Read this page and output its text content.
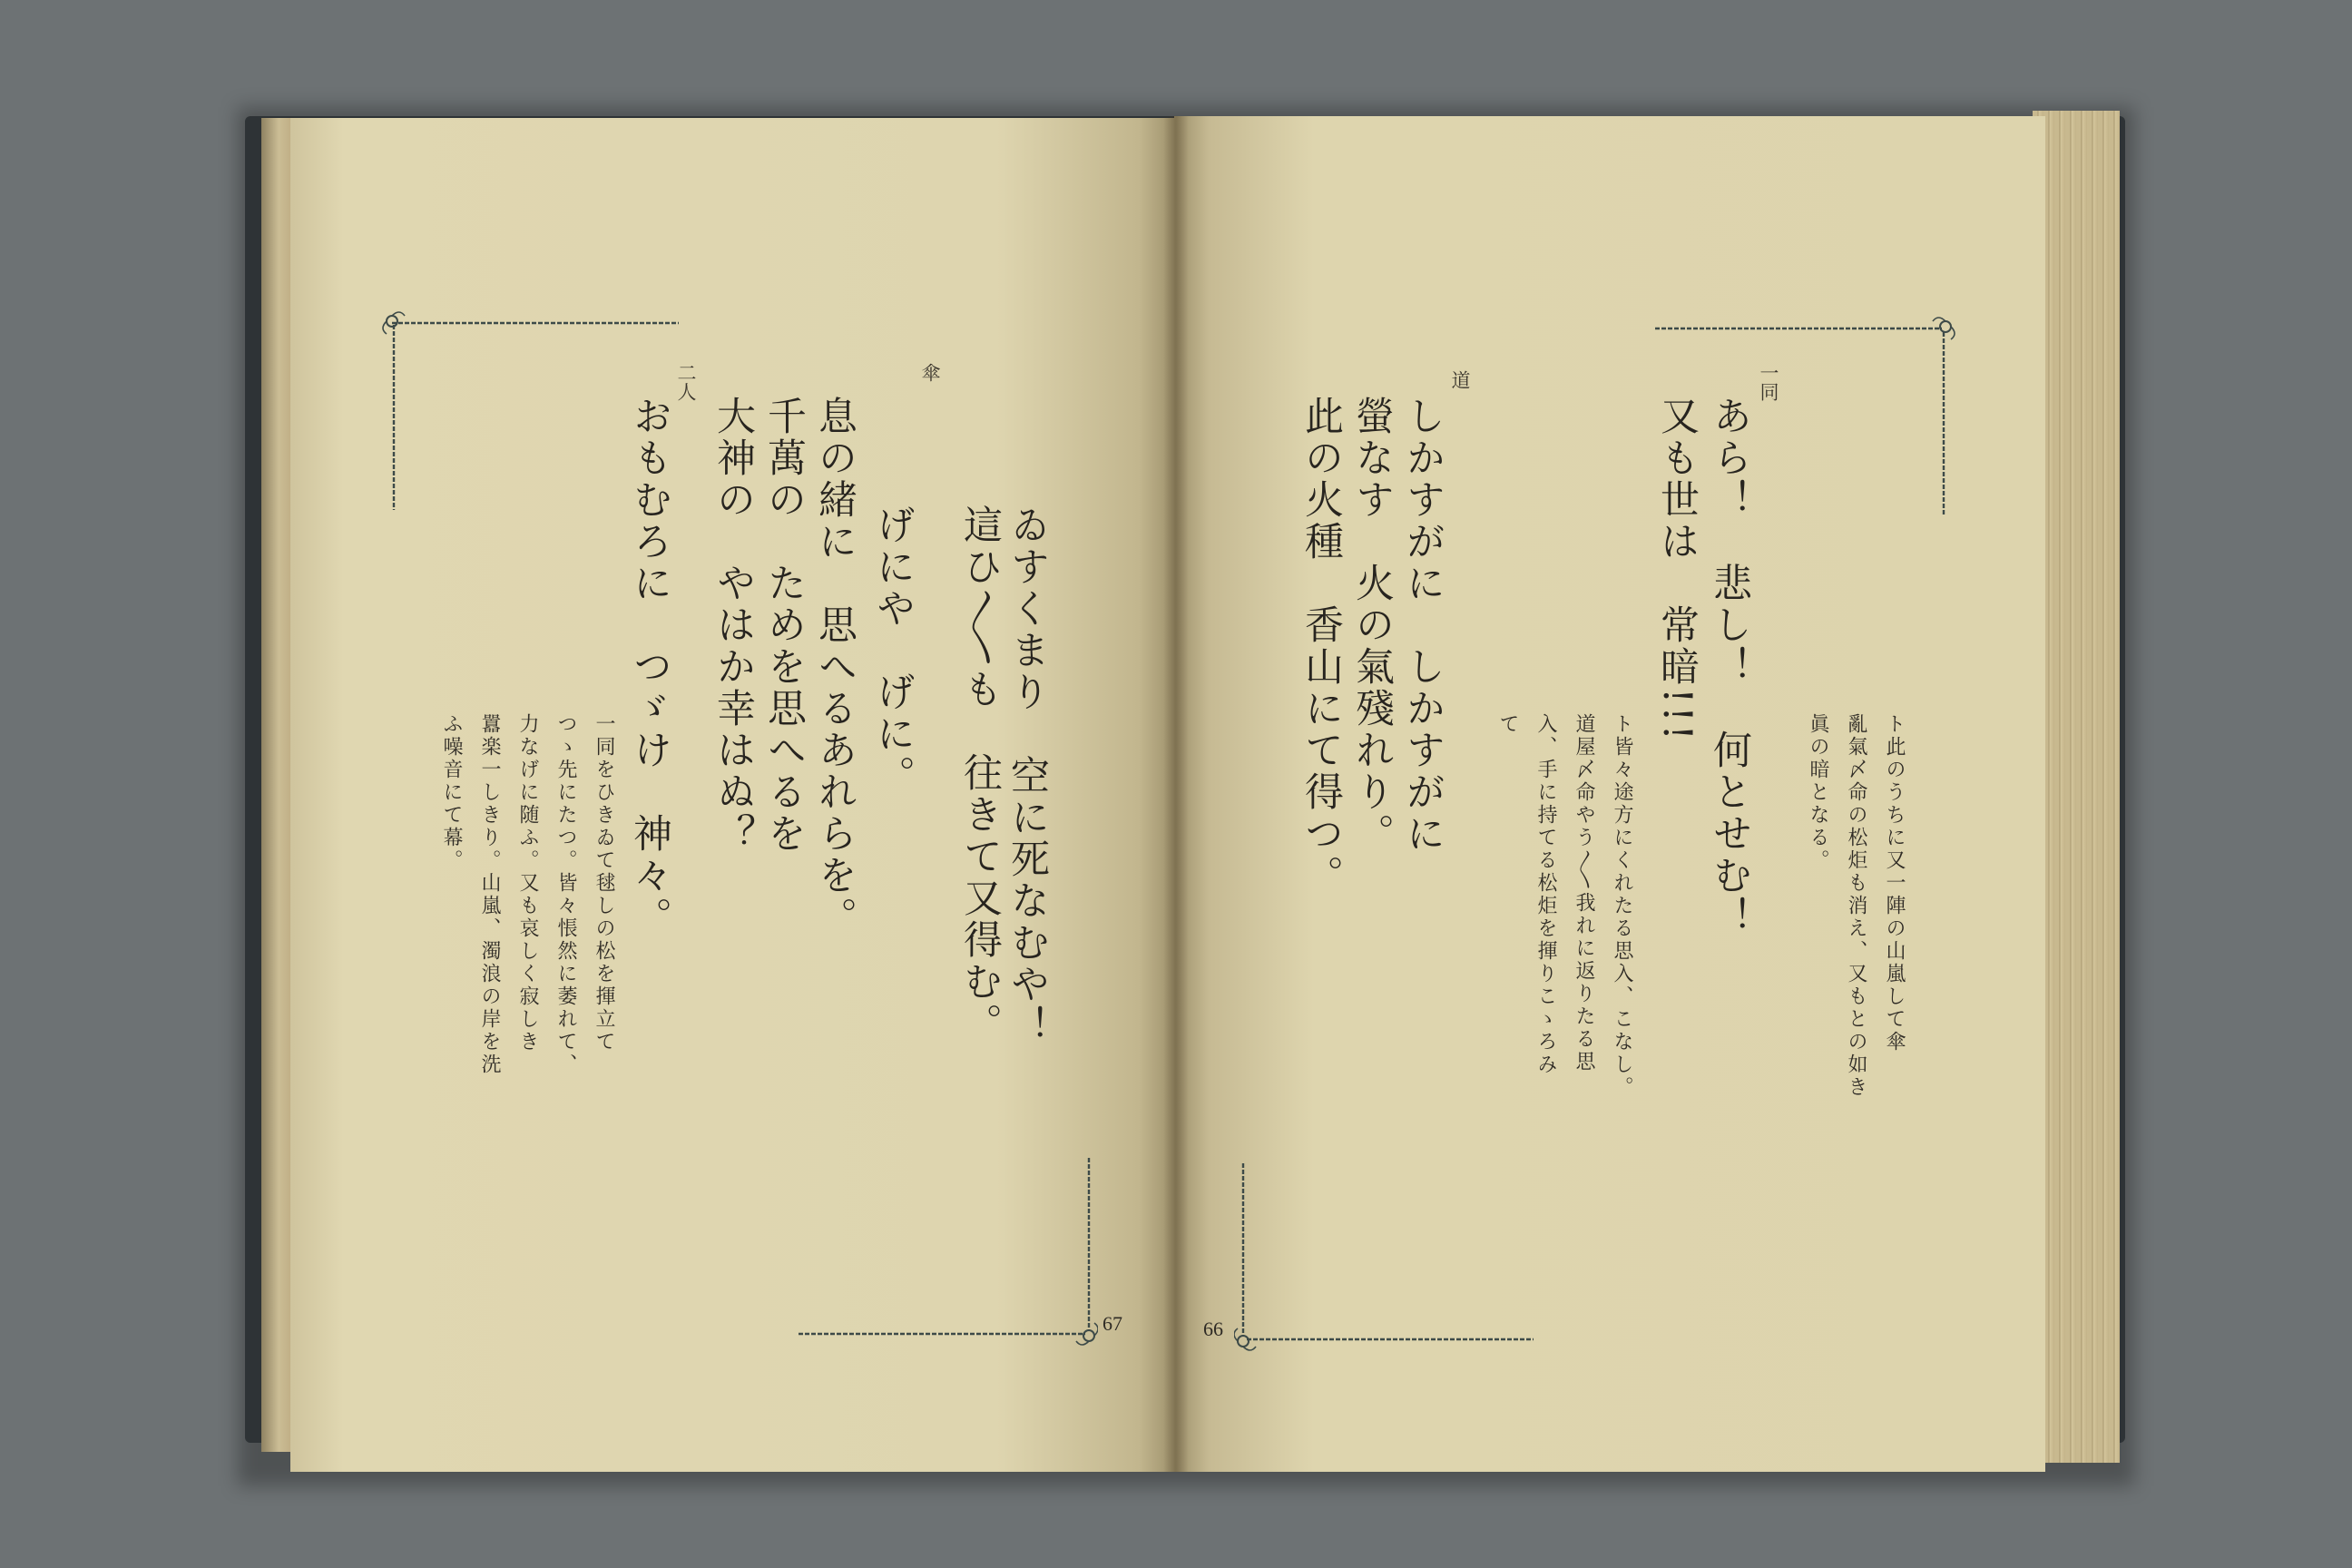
ゐすくまり　空に死なむや！
這ひ〳〵も　往きて又得む。
傘
げにや　げに。
息の緒に　思へるあれらを。
千萬の　ためを思へるを
大神の　やはか幸はぬ？
二人
おもむろに　つゞけ　神々。
一同をひきゐて毬しの松を揮立て
つゝ先にたつ。皆々悵然に萎れて、
力なげに随ふ。又も哀しく寂しき
囂楽一しきり。山嵐、濁浪の岸を洗
ふ噪音にて幕。
67
一同
あら！　悲し！　何とせむ！
又も世は　常暗!!!
ト此のうちに又一陣の山嵐して傘
亂氣〆命の松炬も消え、又もとの如き
眞の暗となる。
道
しかすがに　しかすがに
螢なす　火の氣殘れり。
此の火種　香山にて得つ。
ト皆々途方にくれたる思入、こなし。
道屋〆命やう〳〵我れに返りたる思
入、手に持てる松炬を揮りこゝろみ
て
66
